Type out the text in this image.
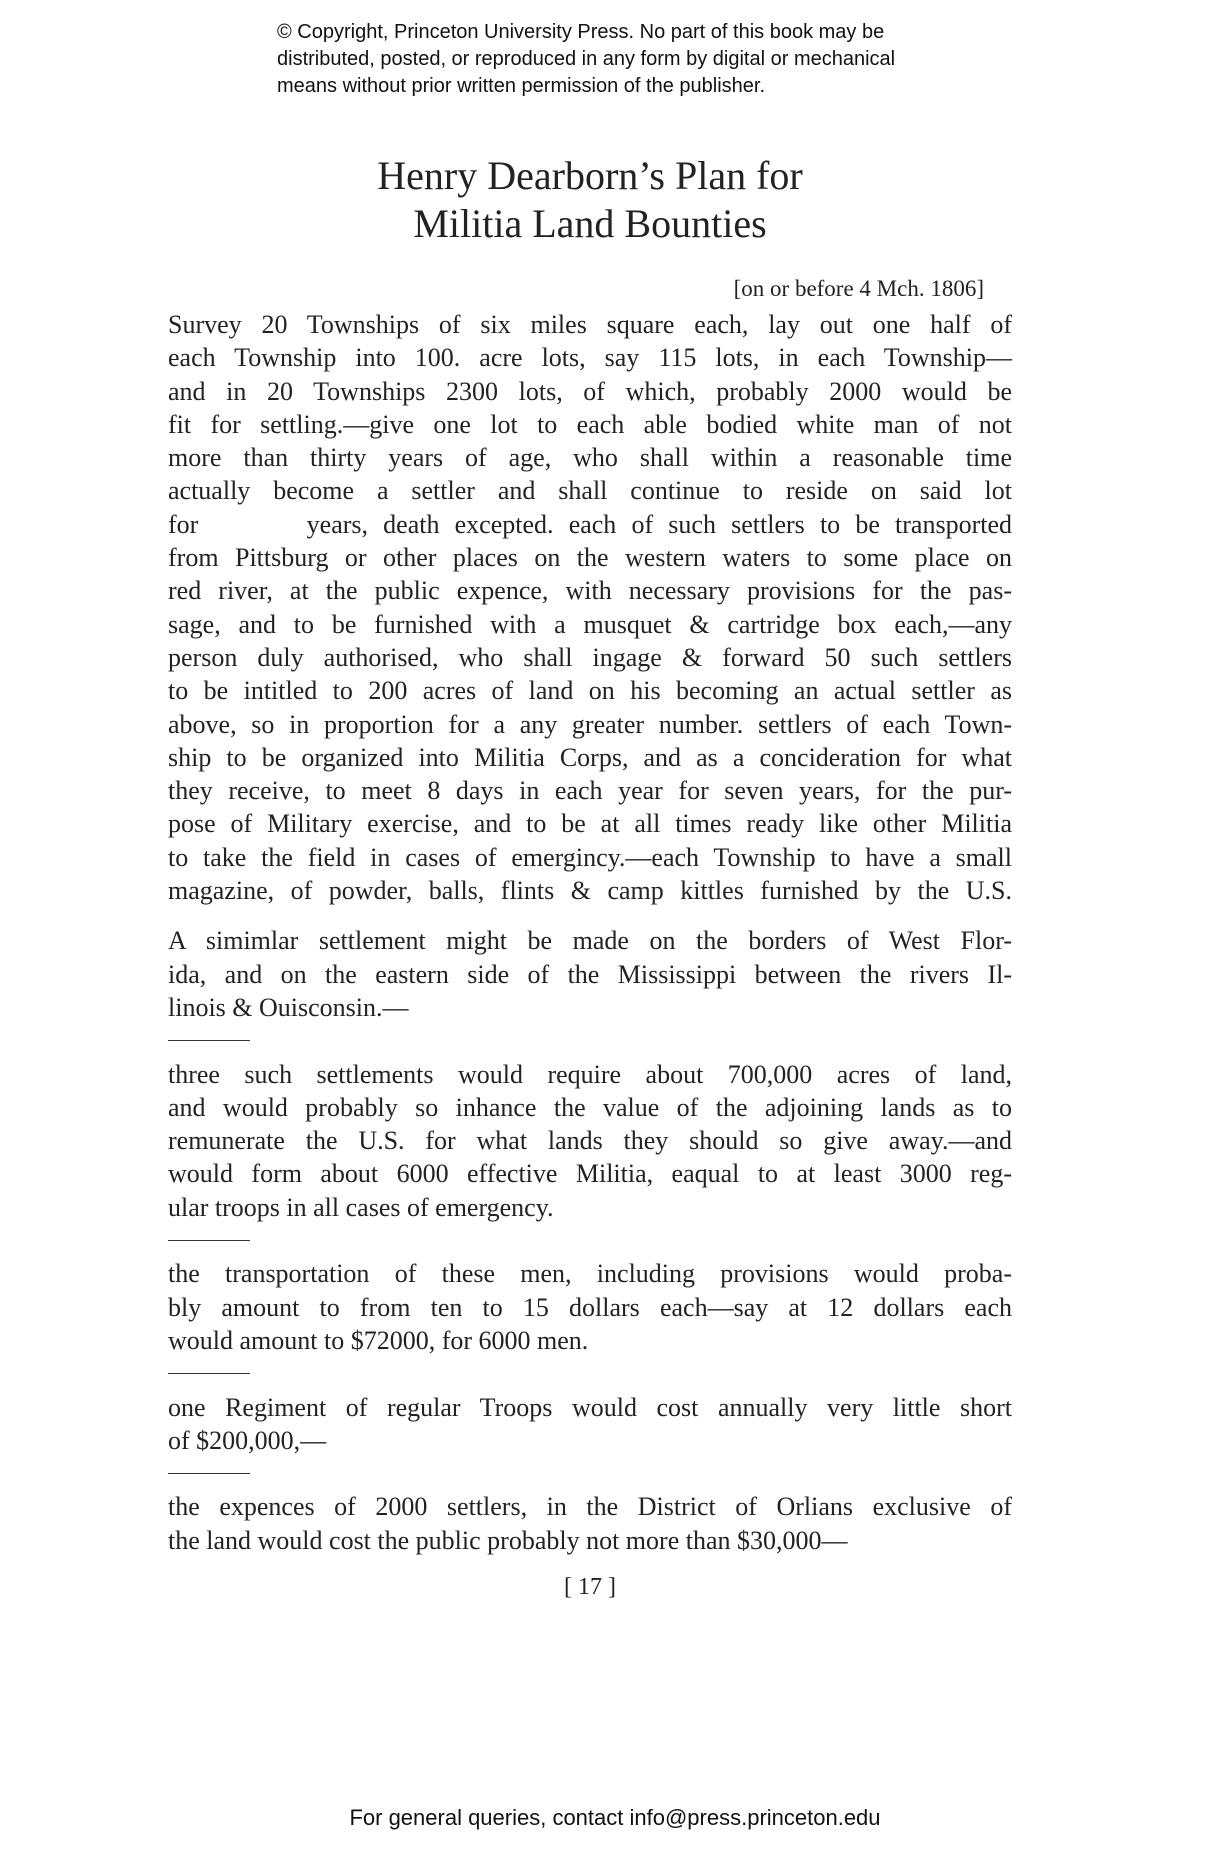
© Copyright, Princeton University Press. No part of this book may be
distributed, posted, or reproduced in any form by digital or mechanical
means without prior written permission of the publisher.
Henry Dearborn’s Plan for
Militia Land Bounties
[on or before 4 Mch. 1806]
Survey 20 Townships of six miles square each, lay out one half of
each Township into 100. acre lots, say 115 lots, in each Township—
and in 20 Townships 2300 lots, of which, probably 2000 would be
fit for settling.—give one lot to each able bodied white man of not
more than thirty years of age, who shall within a reasonable time
actually become a settler and shall continue to reside on said lot
for     years, death excepted. each of such settlers to be transported
from Pittsburg or other places on the western waters to some place on
red river, at the public expence, with necessary provisions for the pas-
sage, and to be furnished with a musquet & cartridge box each,—any
person duly authorised, who shall ingage & forward 50 such settlers
to be intitled to 200 acres of land on his becoming an actual settler as
above, so in proportion for a any greater number. settlers of each Town-
ship to be organized into Militia Corps, and as a concideration for what
they receive, to meet 8 days in each year for seven years, for the pur-
pose of Military exercise, and to be at all times ready like other Militia
to take the field in cases of emergincy.—each Township to have a small
magazine, of powder, balls, flints & camp kittles furnished by the U.S.
A simimlar settlement might be made on the borders of West Flor-
ida, and on the eastern side of the Mississippi between the rivers Il-
linois & Ouisconsin.—
three such settlements would require about 700,000 acres of land,
and would probably so inhance the value of the adjoining lands as to
remunerate the U.S. for what lands they should so give away.—and
would form about 6000 effective Militia, eaqual to at least 3000 reg-
ular troops in all cases of emergency.
the transportation of these men, including provisions would proba-
bly amount to from ten to 15 dollars each—say at 12 dollars each
would amount to $72000, for 6000 men.
one Regiment of regular Troops would cost annually very little short
of $200,000,—
the expences of 2000 settlers, in the District of Orlians exclusive of
the land would cost the public probably not more than $30,000—
[ 17 ]
For general queries, contact info@press.princeton.edu
